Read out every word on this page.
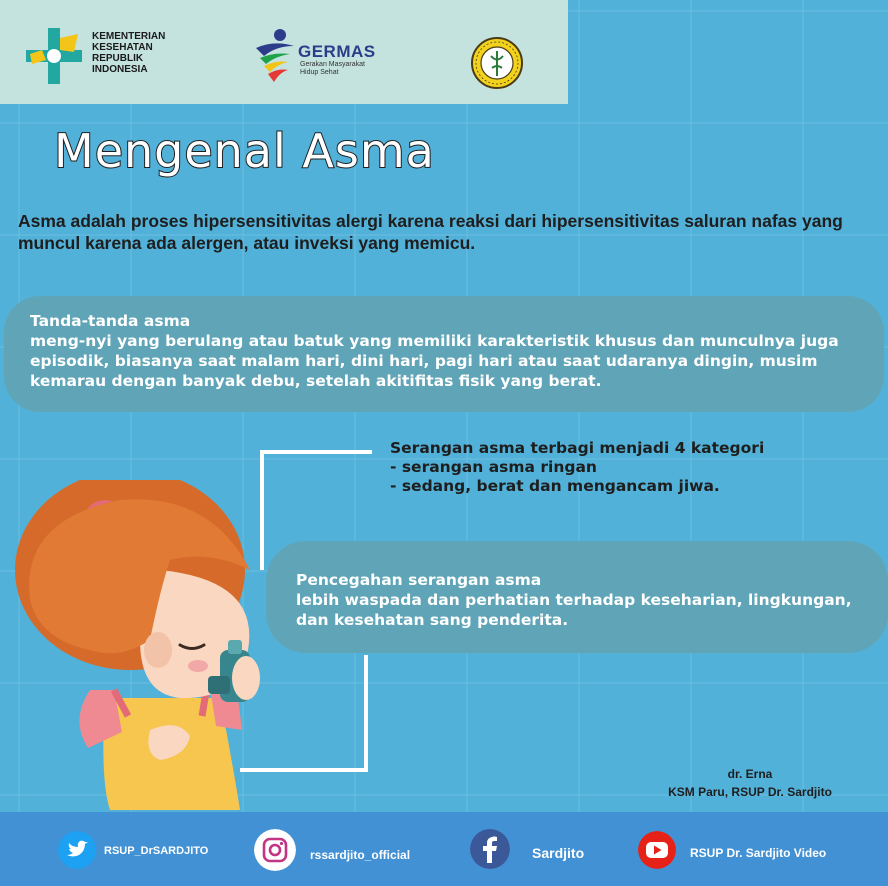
KEMENTERIAN
KESEHATAN
REPUBLIK
INDONESIA
GERMAS
Gerakan Masyarakat
Hidup Sehat
Mengenal Asma
Asma adalah proses hipersensitivitas alergi karena reaksi dari hipersensitivitas saluran nafas yang muncul karena ada alergen, atau inveksi yang memicu.
Tanda-tanda asma
meng-nyi yang berulang atau batuk yang memiliki karakteristik khusus dan munculnya juga episodik, biasanya saat malam hari, dini hari, pagi hari atau saat udaranya dingin, musim kemarau dengan banyak debu, setelah akitifitas fisik yang berat.
Serangan asma terbagi menjadi 4 kategori
- serangan asma ringan
- sedang, berat dan mengancam jiwa.
Pencegahan serangan asma
lebih waspada dan perhatian terhadap keseharian, lingkungan, dan kesehatan sang penderita.
dr. Erna
KSM Paru, RSUP Dr. Sardjito
RSUP_DrSARDJITO	rssardjito_official	Sardjito	RSUP Dr. Sardjito Video
